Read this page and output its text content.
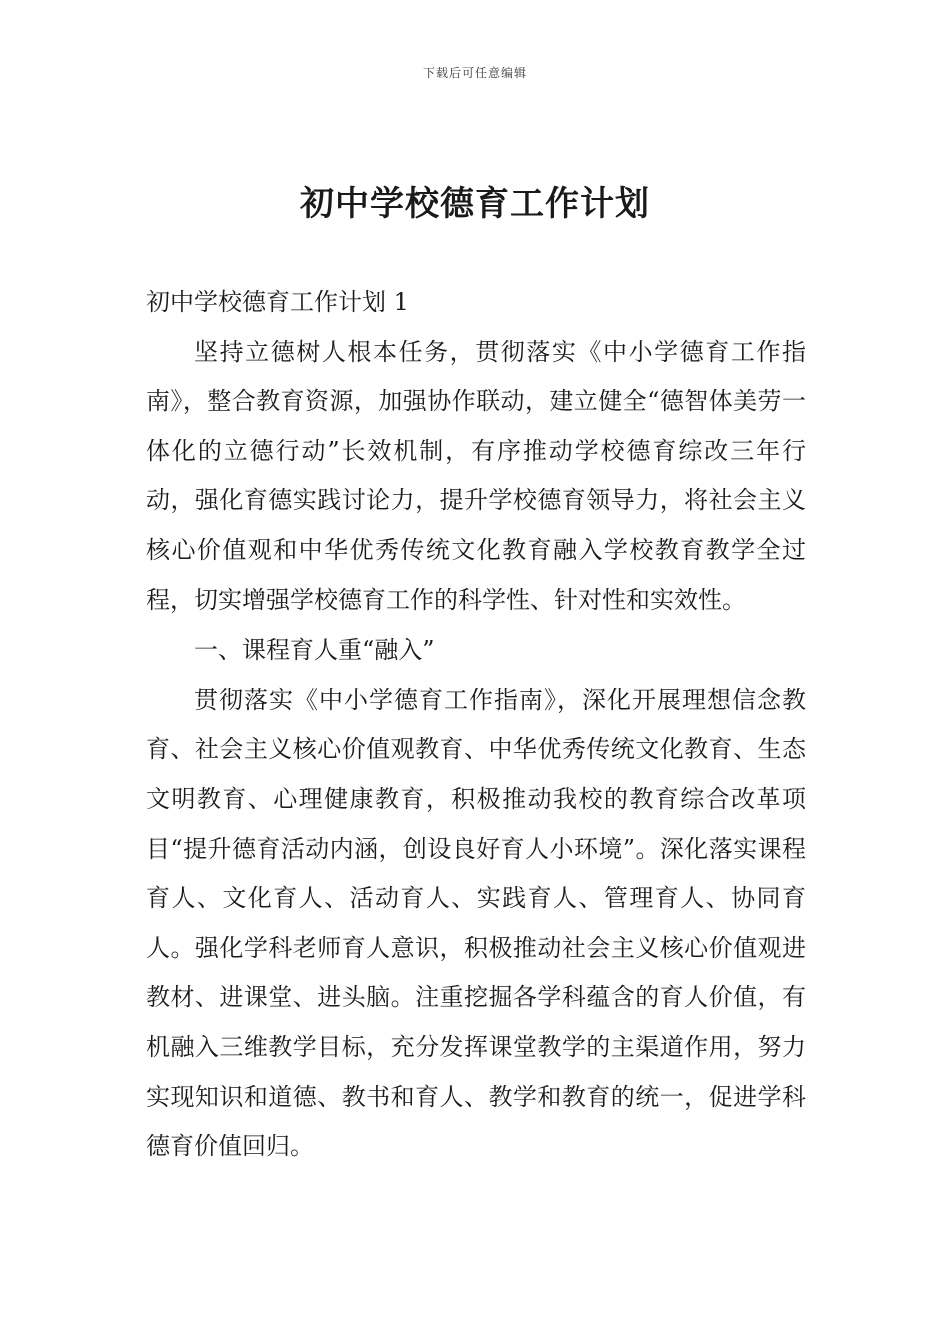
下载后可任意编辑
初中学校德育工作计划

初中学校德育工作计划 1

坚持立德树人根本任务，贯彻落实《中小学德育工作指南》，整合教育资源，加强协作联动，建立健全“德智体美劳一体化的立德行动”长效机制，有序推动学校德育综改三年行动，强化育德实践讨论力，提升学校德育领导力，将社会主义核心价值观和中华优秀传统文化教育融入学校教育教学全过程，切实增强学校德育工作的科学性、针对性和实效性。

一、课程育人重“融入”

贯彻落实《中小学德育工作指南》，深化开展理想信念教育、社会主义核心价值观教育、中华优秀传统文化教育、生态文明教育、心理健康教育，积极推动我校的教育综合改革项目“提升德育活动内涵，创设良好育人小环境”。深化落实课程育人、文化育人、活动育人、实践育人、管理育人、协同育人。强化学科老师育人意识，积极推动社会主义核心价值观进教材、进课堂、进头脑。注重挖掘各学科蕴含的育人价值，有机融入三维教学目标，充分发挥课堂教学的主渠道作用，努力实现知识和道德、教书和育人、教学和教育的统一，促进学科德育价值回归。
